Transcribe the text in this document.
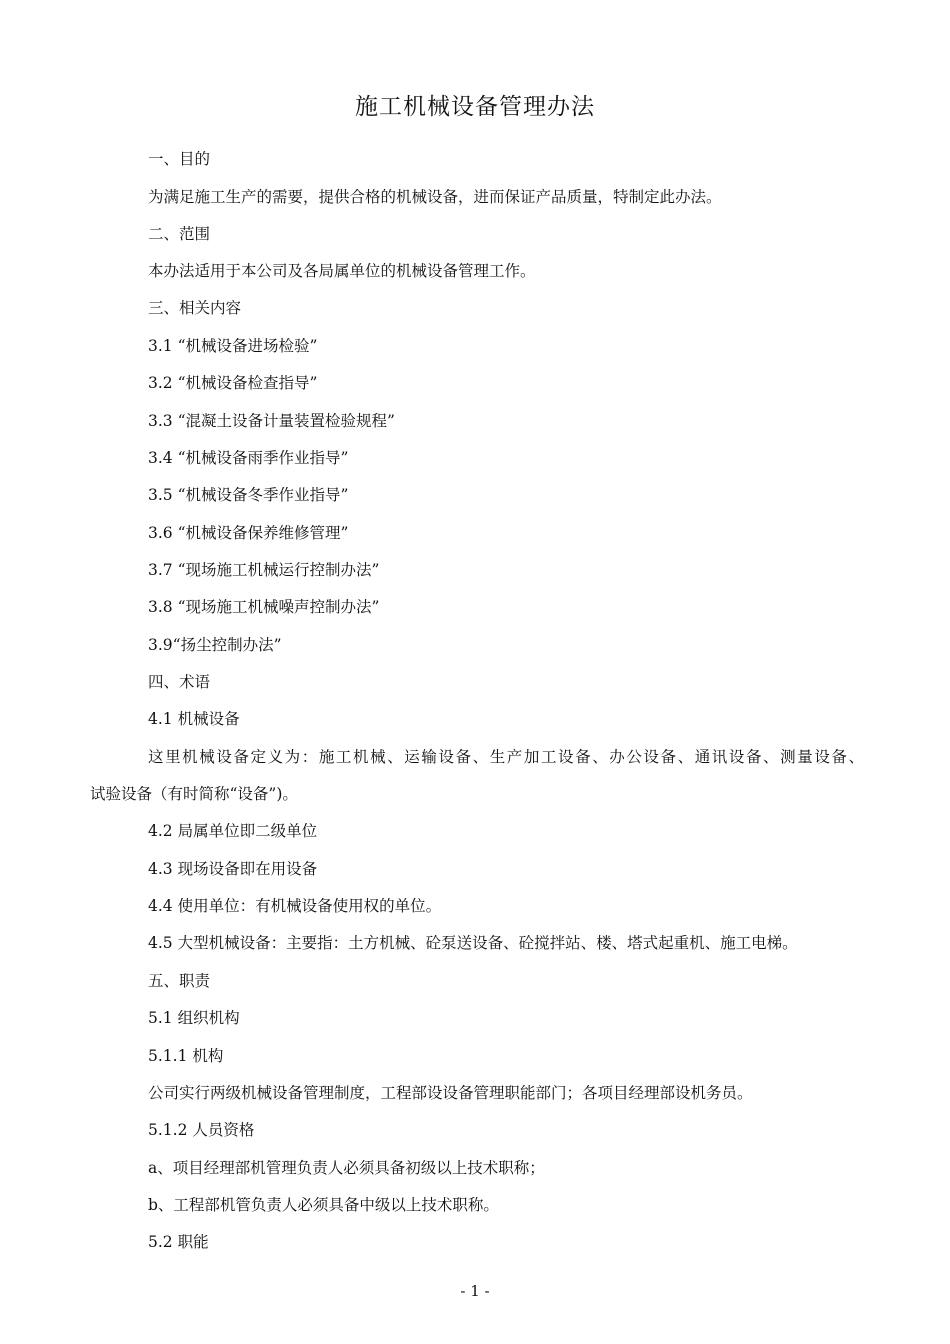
施工机械设备管理办法
一、目的
为满足施工生产的需要，提供合格的机械设备，进而保证产品质量，特制定此办法。
二、范围
本办法适用于本公司及各局属单位的机械设备管理工作。
三、相关内容
3.1 “机械设备进场检验”
3.2 “机械设备检查指导”
3.3 “混凝土设备计量装置检验规程”
3.4 “机械设备雨季作业指导”
3.5 “机械设备冬季作业指导”
3.6 “机械设备保养维修管理”
3.7 “现场施工机械运行控制办法”
3.8 “现场施工机械噪声控制办法”
3.9“扬尘控制办法”
四、术语
4.1 机械设备
这里机械设备定义为：施工机械、运输设备、生产加工设备、办公设备、通讯设备、测量设备、
试验设备（有时简称“设备”)。
4.2 局属单位即二级单位
4.3 现场设备即在用设备
4.4 使用单位：有机械设备使用权的单位。
4.5 大型机械设备：主要指：土方机械、砼泵送设备、砼搅拌站、楼、塔式起重机、施工电梯。
五、职责
5.1 组织机构
5.1.1 机构
公司实行两级机械设备管理制度，工程部设设备管理职能部门；各项目经理部设机务员。
5.1.2 人员资格
a、项目经理部机管理负责人必须具备初级以上技术职称；
b、工程部机管负责人必须具备中级以上技术职称。
5.2 职能
- 1 -
